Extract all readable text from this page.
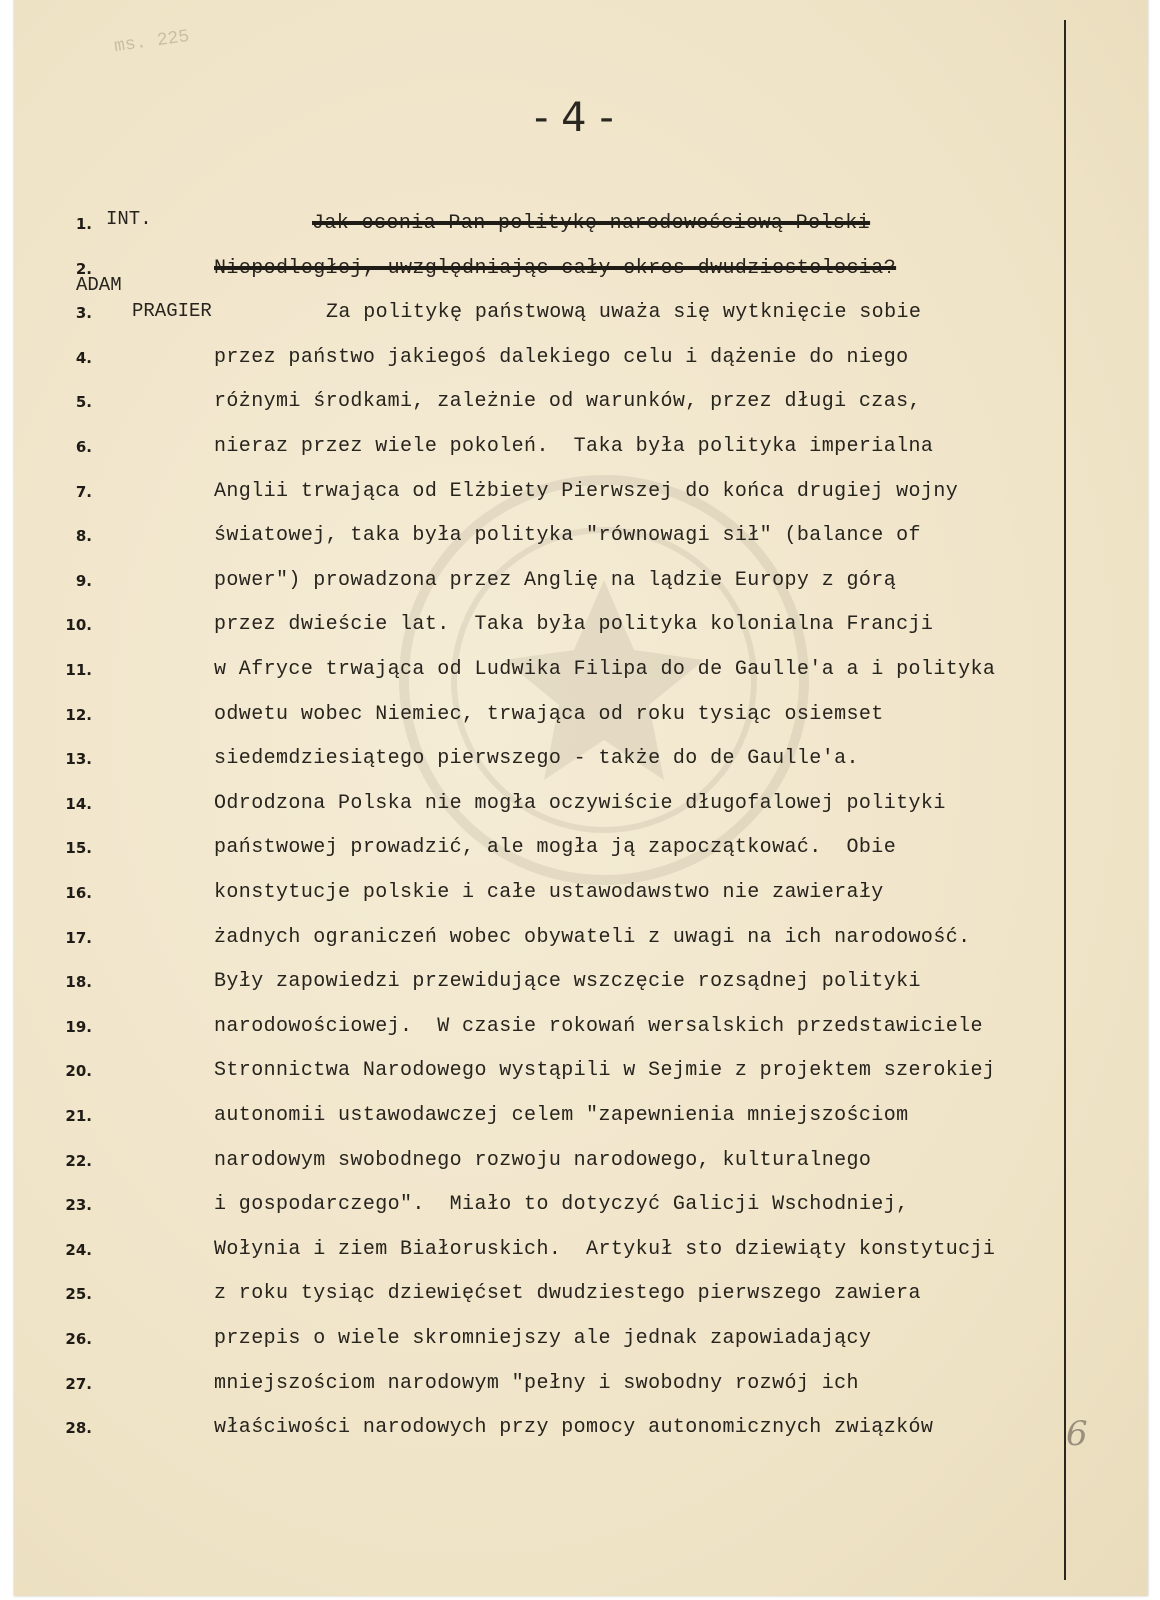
ms. 225
- 4 -
INT.
ADAM
PRAGIER
1.	Jak ocenia Pan politykę narodowościową Polski
2.	Niepodległej, uwzględniając cały okres dwudziestolecia?
3.	Za politykę państwową uważa się wytknięcie sobie
4.	przez państwo jakiegoś dalekiego celu i dążenie do niego
5.	różnymi środkami, zależnie od warunków, przez długi czas,
6.	nieraz przez wiele pokoleń.  Taka była polityka imperialna
7.	Anglii trwająca od Elżbiety Pierwszej do końca drugiej wojny
8.	światowej, taka była polityka "równowagi sił" (balance of
9.	power") prowadzona przez Anglię na lądzie Europy z górą
10.	przez dwieście lat.  Taka była polityka kolonialna Francji
11.	w Afryce trwająca od Ludwika Filipa do de Gaulle'a a i polityka
12.	odwetu wobec Niemiec, trwająca od roku tysiąc osiemset
13.	siedemdziesiątego pierwszego - także do de Gaulle'a.
14.	Odrodzona Polska nie mogła oczywiście długofalowej polityki
15.	państwowej prowadzić, ale mogła ją zapoczątkować.  Obie
16.	konstytucje polskie i całe ustawodawstwo nie zawierały
17.	żadnych ograniczeń wobec obywateli z uwagi na ich narodowość.
18.	Były zapowiedzi przewidujące wszczęcie rozsądnej polityki
19.	narodowościowej.  W czasie rokowań wersalskich przedstawiciele
20.	Stronnictwa Narodowego wystąpili w Sejmie z projektem szerokiej
21.	autonomii ustawodawczej celem "zapewnienia mniejszościom
22.	narodowym swobodnego rozwoju narodowego, kulturalnego
23.	i gospodarczego".  Miało to dotyczyć Galicji Wschodniej,
24.	Wołynia i ziem Białoruskich.  Artykuł sto dziewiąty konstytucji
25.	z roku tysiąc dziewięćset dwudziestego pierwszego zawiera
26.	przepis o wiele skromniejszy ale jednak zapowiadający
27.	mniejszościom narodowym "pełny i swobodny rozwój ich
28.	właściwości narodowych przy pomocy autonomicznych związków	6
